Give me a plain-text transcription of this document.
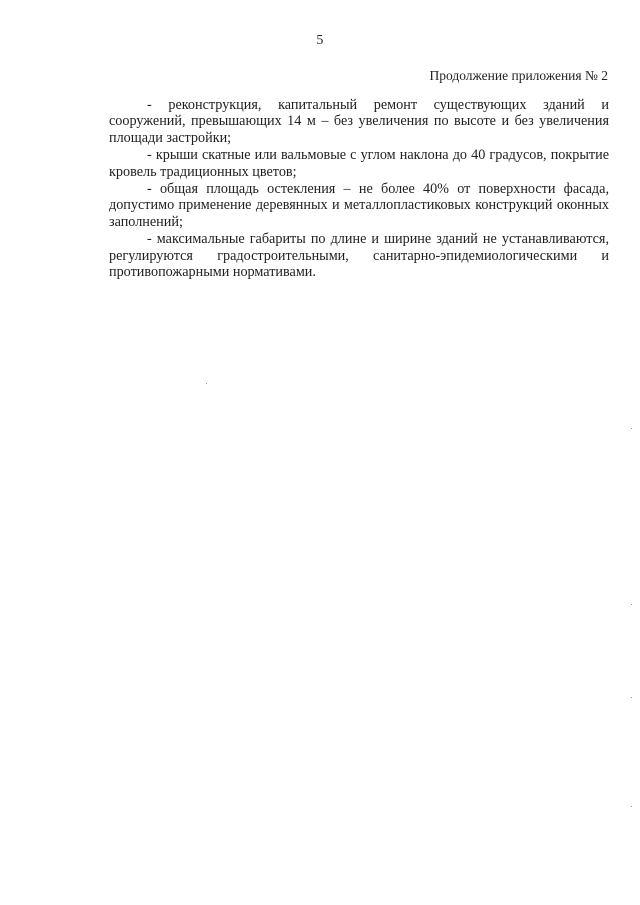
5
Продолжение приложения № 2

- реконструкция, капитальный ремонт существующих зданий и сооружений, превышающих 14 м – без увеличения по высоте и без увеличения площади застройки;

- крыши скатные или вальмовые с углом наклона до 40 градусов, покрытие кровель традиционных цветов;

- общая площадь остекления – не более 40% от поверхности фасада, допустимо применение деревянных и металлопластиковых конструкций оконных заполнений;

- максимальные габариты по длине и ширине зданий не устанавливаются, регулируются градостроительными, санитарно-эпидемиологическими и противопожарными нормативами.
